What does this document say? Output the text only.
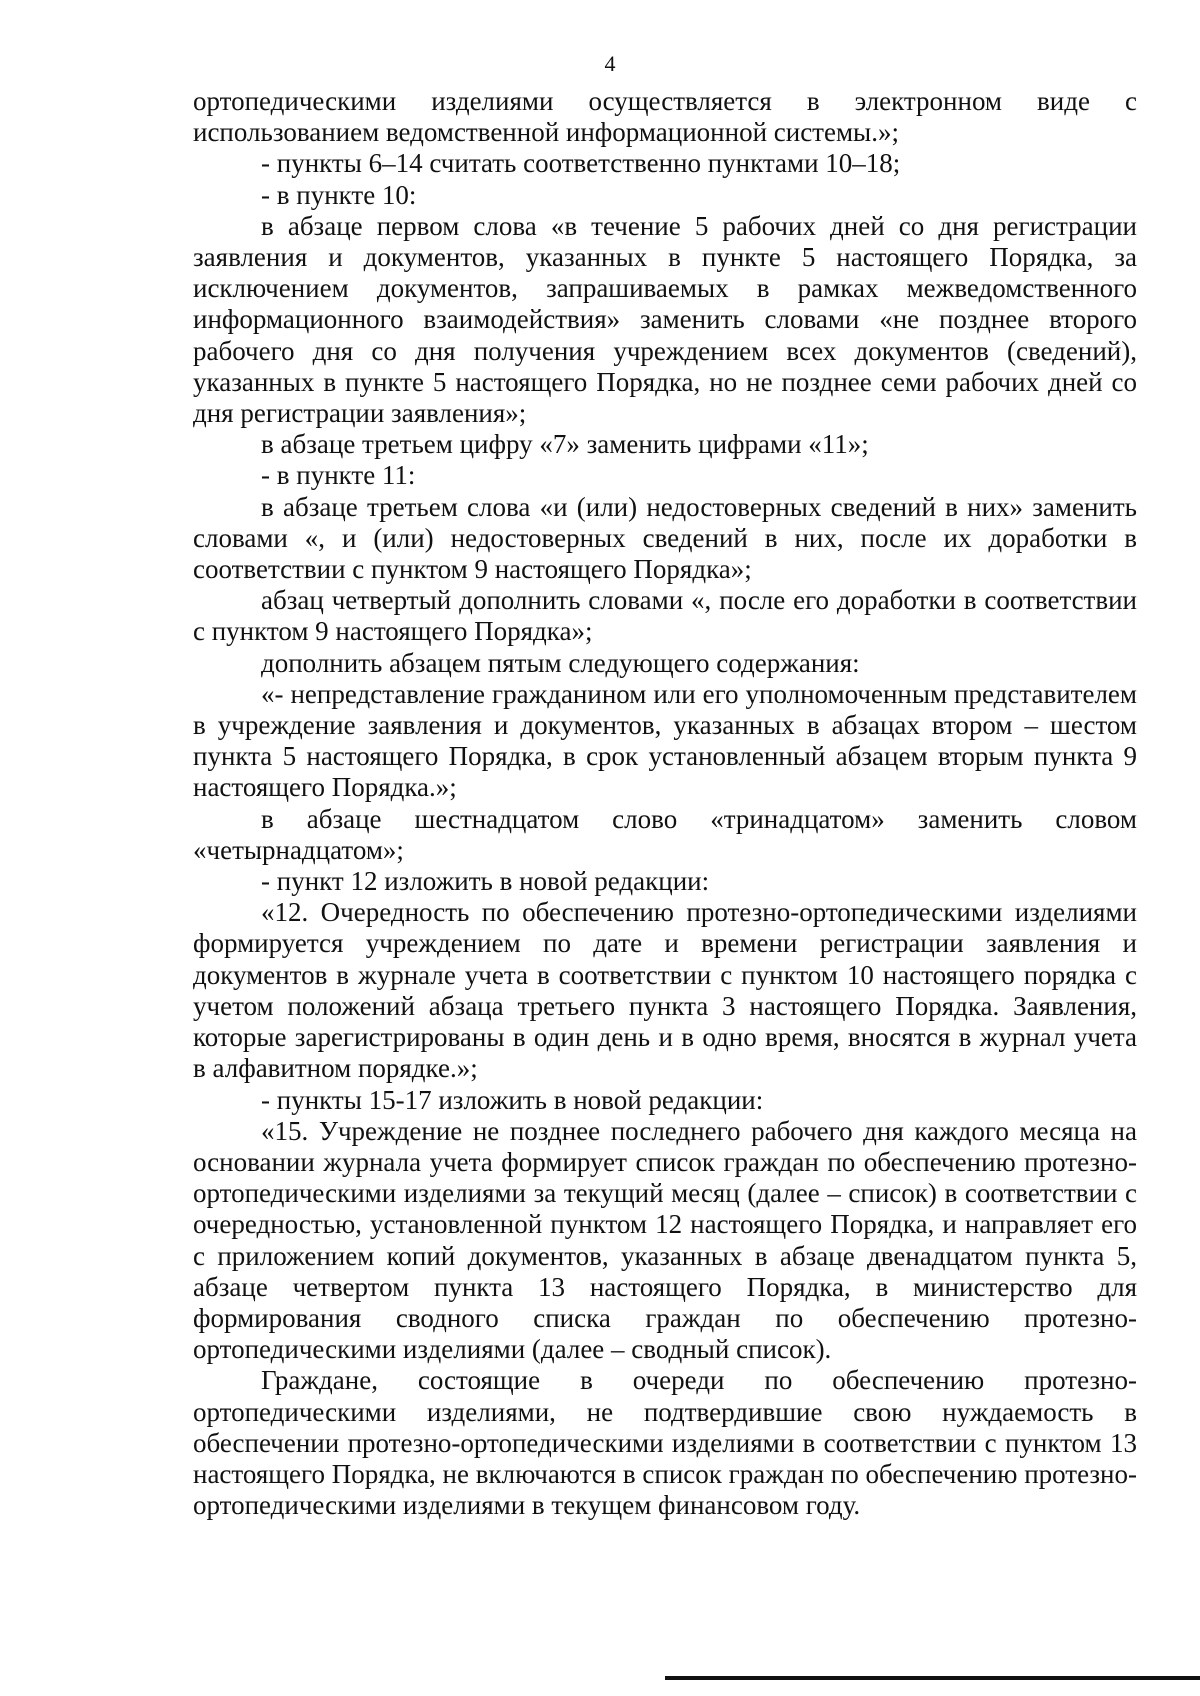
4

ортопедическими изделиями осуществляется в электронном виде с использованием ведомственной информационной системы.»;

- пункты 6–14 считать соответственно пунктами 10–18;

- в пункте 10:

в абзаце первом слова «в течение 5 рабочих дней со дня регистрации заявления и документов, указанных в пункте 5 настоящего Порядка, за исключением документов, запрашиваемых в рамках межведомственного информационного взаимодействия» заменить словами «не позднее второго рабочего дня со дня получения учреждением всех документов (сведений), указанных в пункте 5 настоящего Порядка, но не позднее семи рабочих дней со дня регистрации заявления»;

в абзаце третьем цифру «7» заменить цифрами «11»;

- в пункте 11:

в абзаце третьем слова «и (или) недостоверных сведений в них» заменить словами «, и (или) недостоверных сведений в них, после их доработки в соответствии с пунктом 9 настоящего Порядка»;

абзац четвертый дополнить словами «, после его доработки в соответствии с пунктом 9 настоящего Порядка»;

дополнить абзацем пятым следующего содержания:

«- непредставление гражданином или его уполномоченным представителем в учреждение заявления и документов, указанных в абзацах втором – шестом пункта 5 настоящего Порядка, в срок установленный абзацем вторым пункта 9 настоящего Порядка.»;

в абзаце шестнадцатом слово «тринадцатом» заменить словом «четырнадцатом»;

- пункт 12 изложить в новой редакции:

«12. Очередность по обеспечению протезно-ортопедическими изделиями формируется учреждением по дате и времени регистрации заявления и документов в журнале учета в соответствии с пунктом 10 настоящего порядка с учетом положений абзаца третьего пункта 3 настоящего Порядка. Заявления, которые зарегистрированы в один день и в одно время, вносятся в журнал учета в алфавитном порядке.»;

- пункты 15-17 изложить в новой редакции:

«15. Учреждение не позднее последнего рабочего дня каждого месяца на основании журнала учета формирует список граждан по обеспечению протезно-ортопедическими изделиями за текущий месяц (далее – список) в соответствии с очередностью, установленной пунктом 12 настоящего Порядка, и направляет его с приложением копий документов, указанных в абзаце двенадцатом пункта 5, абзаце четвертом пункта 13 настоящего Порядка, в министерство для формирования сводного списка граждан по обеспечению протезно-ортопедическими изделиями (далее – сводный список).

Граждане, состоящие в очереди по обеспечению протезно-ортопедическими изделиями, не подтвердившие свою нуждаемость в обеспечении протезно-ортопедическими изделиями в соответствии с пунктом 13 настоящего Порядка, не включаются в список граждан по обеспечению протезно-ортопедическими изделиями в текущем финансовом году.
